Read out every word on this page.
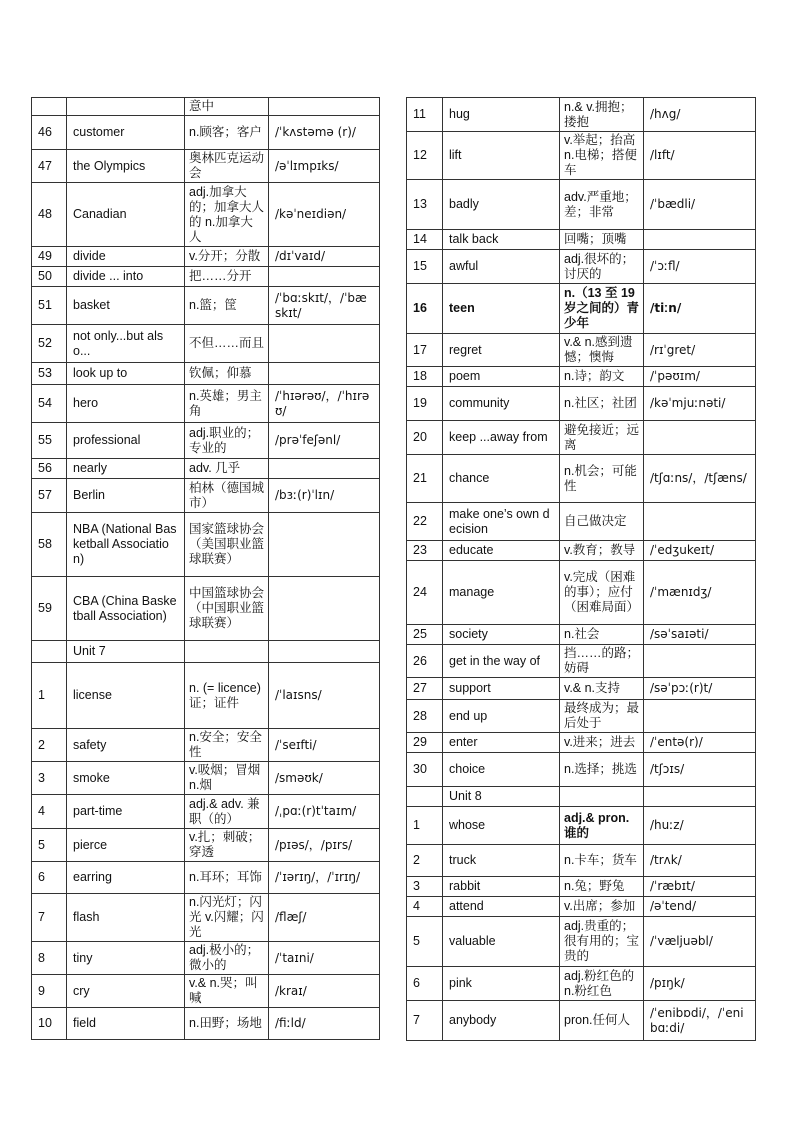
		意中	
46	customer	n.顾客；客户	/ˈkʌstəmə (r)/
47	the Olympics	奥林匹克运动会	/əˈlɪmpɪks/
48	Canadian	adj.加拿大的；加拿大人的 n.加拿大人	/kəˈneɪdiən/
49	divide	v.分开；分散	/dɪˈvaɪd/
50	divide ... into	把……分开	
51	basket	n.篮；筐	/ˈbɑːskɪt/，/ˈbæskɪt/
52	not only...but also...	不但……而且	
53	look up to	钦佩；仰慕	
54	hero	n.英雄；男主角	/ˈhɪərəʊ/，/ˈhɪrəʊ/
55	professional	adj.职业的；专业的	/prəˈfeʃənl/
56	nearly	adv. 几乎	
57	Berlin	柏林（德国城市）	/bɜː(r)ˈlɪn/
58	NBA (National Basketball Association)	国家篮球协会（美国职业篮球联赛）	
59	CBA (China Basketball Association)	中国篮球协会（中国职业篮球联赛）	
	Unit 7		
1	license	n. (= licence) 证；证件	/ˈlaɪsns/
2	safety	n.安全；安全性	/ˈseɪfti/
3	smoke	v.吸烟；冒烟 n.烟	/sməʊk/
4	part-time	adj.& adv. 兼职（的）	/ˌpɑː(r)tˈtaɪm/
5	pierce	v.扎；刺破；穿透	/pɪəs/，/pɪrs/
6	earring	n.耳环；耳饰	/ˈɪərɪŋ/，/ˈɪrɪŋ/
7	flash	n.闪光灯；闪光 v.闪耀；闪光	/flæʃ/
8	tiny	adj.极小的；微小的	/ˈtaɪni/
9	cry	v.& n.哭；叫喊	/kraɪ/
10	field	n.田野；场地	/fiːld/
11	hug	n.& v.拥抱；搂抱	/hʌg/
12	lift	v.举起；抬高 n.电梯；搭便车	/lɪft/
13	badly	adv.严重地；差；非常	/ˈbædli/
14	talk back	回嘴；顶嘴	
15	awful	adj.很坏的；讨厌的	/ˈɔːfl/
16	teen	n.（13 至 19 岁之间的）青少年	/tiːn/
17	regret	v.& n.感到遗憾；懊悔	/rɪˈgret/
18	poem	n.诗；韵文	/ˈpəʊɪm/
19	community	n.社区；社团	/kəˈmjuːnəti/
20	keep ...away from	避免接近；远离	
21	chance	n.机会；可能性	/tʃɑːns/，/tʃæns/
22	make one’s own decision	自己做决定	
23	educate	v.教育；教导	/ˈedʒukeɪt/
24	manage	v.完成（困难的事）；应付（困难局面）	/ˈmænɪdʒ/
25	society	n.社会	/səˈsaɪəti/
26	get in the way of	挡……的路；妨碍	
27	support	v.& n.支持	/səˈpɔː(r)t/
28	end up	最终成为；最后处于	
29	enter	v.进来；进去	/ˈentə(r)/
30	choice	n.选择；挑选	/tʃɔɪs/
	Unit 8		
1	whose	adj.& pron.谁的	/huːz/
2	truck	n.卡车；货车	/trʌk/
3	rabbit	n.兔；野兔	/ˈræbɪt/
4	attend	v.出席；参加	/əˈtend/
5	valuable	adj.贵重的；很有用的；宝贵的	/ˈvæljuəbl/
6	pink	adj.粉红色的 n.粉红色	/pɪŋk/
7	anybody	pron.任何人	/ˈenibɒdi/，/ˈenibɑːdi/
